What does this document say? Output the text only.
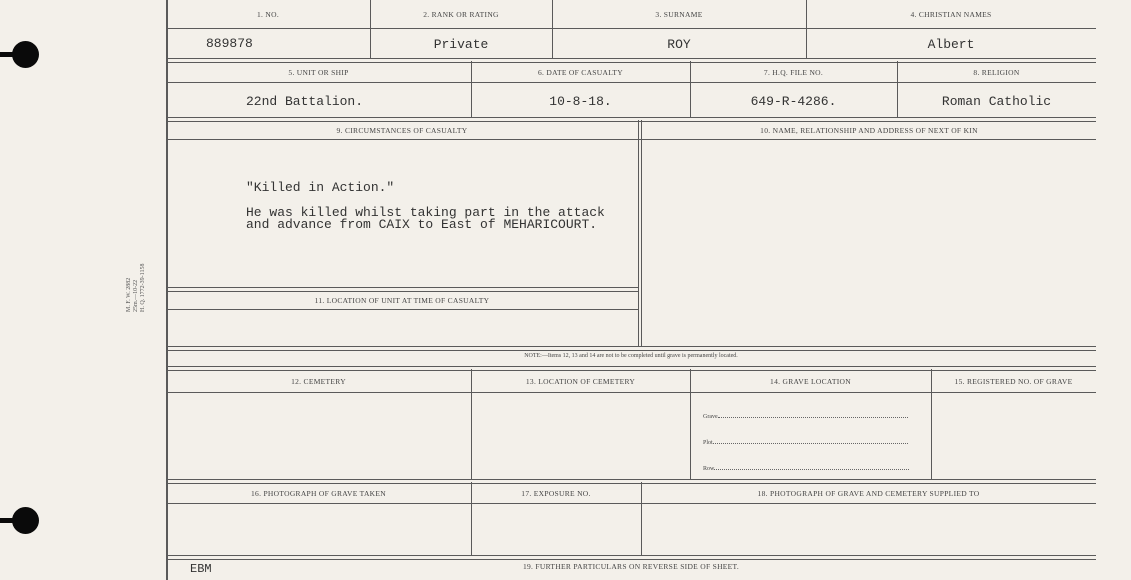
M. F. W. 2882 25m.—10-22 H. Q. 1772-39-1158
1. NO.	2. RANK OR RATING	3. SURNAME	4. CHRISTIAN NAMES
889878	Private	ROY	Albert
5. UNIT OR SHIP	6. DATE OF CASUALTY	7. H.Q. FILE NO.	8. RELIGION
22nd Battalion.	10-8-18.	649-R-4286.	Roman Catholic
9. CIRCUMSTANCES OF CASUALTY	10. NAME, RELATIONSHIP AND ADDRESS OF NEXT OF KIN
"Killed in Action."
He was killed whilst taking part in the attack
and advance from CAIX to East of MEHARICOURT.
11. LOCATION OF UNIT AT TIME OF CASUALTY
NOTE:—Items 12, 13 and 14 are not to be completed until grave is permanently located.
12. CEMETERY	13. LOCATION OF CEMETERY	14. GRAVE LOCATION	15. REGISTERED NO. OF GRAVE
Grave
Plot
Row
16. PHOTOGRAPH OF GRAVE TAKEN	17. EXPOSURE NO.	18. PHOTOGRAPH OF GRAVE AND CEMETERY SUPPLIED TO
19. FURTHER PARTICULARS ON REVERSE SIDE OF SHEET.
EBM
